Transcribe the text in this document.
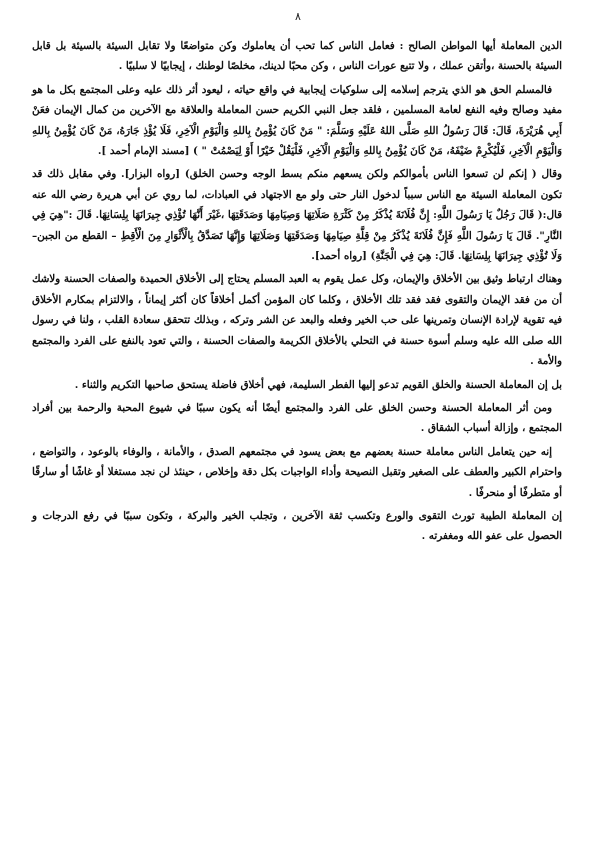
٨

الدين المعاملة أيها المواطن الصالح : فعامل الناس كما تحب أن يعاملوك وكن متواضعًا ولا تقابل السيئة بالسيئة بل قابل السيئة بالحسنة ،وأتقن عملك ، ولا تتبع عورات الناس ، وكن محبًا لدينك، مخلصًا لوطنك ، إيجابيًا لا سلبيًا .

فالمسلم الحق هو الذي يترجم إسلامه إلى سلوكيات إيجابية في واقع حياته ، ليعود أثر ذلك عليه وعلى المجتمع بكل ما هو مفيد وصالح وفيه النفع لعامة المسلمين ، فلقد جعل النبي الكريم حسن المعاملة والعلاقة مع الآخرين من كمال الإيمان فعَنْ أَبِي هُرَيْرَةَ، قَالَ: قَالَ رَسُولُ اللهِ صَلَّى اللهُ عَلَيْهِ وَسَلَّمَ: " مَنْ كَانَ يُؤْمِنُ بِاللهِ وَالْيَوْمِ الْآخِرِ، فَلَا يُؤْذِ جَارَهُ، مَنْ كَانَ يُؤْمِنُ بِاللهِ وَالْيَوْمِ الْآخِرِ، فَلْيُكْرِمْ ضَيْفَهُ، مَنْ كَانَ يُؤْمِنُ بِاللهِ وَالْيَوْمِ الْآخِرِ، فَلْيَقُلْ خَيْرًا أَوْ لِيَصْمُتْ " ) [مسند الإمام أحمد ].

وقال ( إنكم لن تسعوا الناس بأموالكم ولكن يسعهم منكم بسط الوجه وحسن الخلق) [رواه البزار]. وفي مقابل ذلك قد تكون المعاملة السيئة مع الناس سبباً لدخول النار حتى ولو مع الاجتهاد في العبادات، لما روي عن أبي هريرة رضي الله عنه قال:( قَالَ رَجُلٌ يَا رَسُولَ اللَّهِ: إِنَّ فُلَانَةَ يُذْكَرُ مِنْ كَثْرَةِ صَلَاتِهَا وَصِيَامِهَا وَصَدَقَتِهَا ،غَيْرَ أَنَّهَا تُؤْذِي جِيرَانَهَا بِلِسَانِهَا. قَالَ :"هِيَ فِي النَّارِ". قَالَ يَا رَسُولَ اللَّهِ فَإِنَّ فُلَانَةَ يُذْكَرُ مِنْ قِلَّةِ صِيَامِهَا وَصَدَقَتِهَا وَصَلَاتِهَا وَإِنَّهَا تَصَدَّقُ بِالْأَثْوَارِ مِنَ الْأَقِطِ – القطع من الجبن– وَلَا تُؤْذِي جِيرَانَهَا بِلِسَانِهَا. قَالَ: هِيَ فِي الْجَنَّةِ) [رواه أحمد].

وهناك ارتباط وثيق بين الأخلاق والإيمان، وكل عمل يقوم به العبد المسلم يحتاج إلى الأخلاق الحميدة والصفات الحسنة ولاشك أن من فقد الإيمان والتقوى فقد فقد تلك الأخلاق ، وكلما كان المؤمن أكمل أخلاقاً كان أكثر إيماناً ، والالتزام بمكارم الأخلاق فيه تقوية لإرادة الإنسان وتمرينها على حب الخير وفعله والبعد عن الشر وتركه ، وبذلك تتحقق سعادة القلب ، ولنا في رسول الله صلى الله عليه وسلم أسوة حسنة في التحلي بالأخلاق الكريمة والصفات الحسنة ، والتي تعود بالنفع على الفرد والمجتمع والأمة .

بل إن المعاملة الحسنة والخلق القويم تدعو إليها الفطر السليمة، فهي أخلاق فاضلة يستحق صاحبها التكريم والثناء .

ومن أثر المعاملة الحسنة وحسن الخلق على الفرد والمجتمع أيضًا أنه يكون سببًا في شيوع المحبة والرحمة بين أفراد المجتمع ، وإزالة أسباب الشقاق .

إنه حين يتعامل الناس معاملة حسنة بعضهم مع بعض يسود في مجتمعهم الصدق ، والأمانة ، والوفاء بالوعود ، والتواضع ، واحترام الكبير والعطف على الصغير وتقبل النصيحة وأداء الواجبات بكل دقة وإخلاص ، حينئذ لن نجد مستغلا أو غاشًا أو سارقًا أو متطرفًا أو منحرفًا .

إن المعاملة الطيبة تورث التقوى والورع وتكسب ثقة الآخرين ، وتجلب الخير والبركة ، وتكون سببًا في رفع الدرجات و الحصول على عفو الله ومغفرته .
